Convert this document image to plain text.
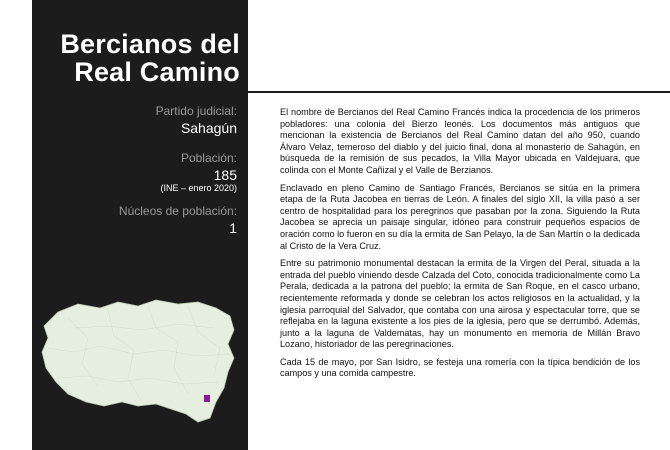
Bercianos del
Real Camino
Partido judicial:
Sahagún
Población:
185
(INE – enero 2020)
Núcleos de población:
1

El nombre de Bercianos del Real Camino Francés indica la procedencia de los primeros pobladores: una colonia del Bierzo leonés. Los documentos más antiguos que mencionan la existencia de Bercianos del Real Camino datan del año 950, cuando Álvaro Velaz, temeroso del diablo y del juicio final, dona al monasterio de Sahagún, en búsqueda de la remisión de sus pecados, la Villa Mayor ubicada en Valdejuara, que colinda con el Monte Cañizal y el Valle de Berzianos.

Enclavado en pleno Camino de Santiago Francés, Bercianos se sitúa en la primera etapa de la Ruta Jacobea en tierras de León. A finales del siglo XII, la villa pasó a ser centro de hospitalidad para los peregrinos que pasaban por la zona. Siguiendo la Ruta Jacobea se aprecia un paisaje singular, idóneo para construir pequeños espacios de oración como lo fueron en su día la ermita de San Pelayo, la de San Martín o la dedicada al Cristo de la Vera Cruz.

Entre su patrimonio monumental destacan la ermita de la Virgen del Peral, situada a la entrada del pueblo viniendo desde Calzada del Coto, conocida tradicionalmente como La Perala, dedicada a la patrona del pueblo; la ermita de San Roque, en el casco urbano, recientemente reformada y donde se celebran los actos religiosos en la actualidad, y la iglesia parroquial del Salvador, que contaba con una airosa y espectacular torre, que se reflejaba en la laguna existente a los pies de la iglesia, pero que se derrumbó. Además, junto a la laguna de Valdematas, hay un monumento en memoria de Millán Bravo Lozano, historiador de las peregrinaciones.

Cada 15 de mayo, por San Isidro, se festeja una romería con la típica bendición de los campos y una comida campestre.
